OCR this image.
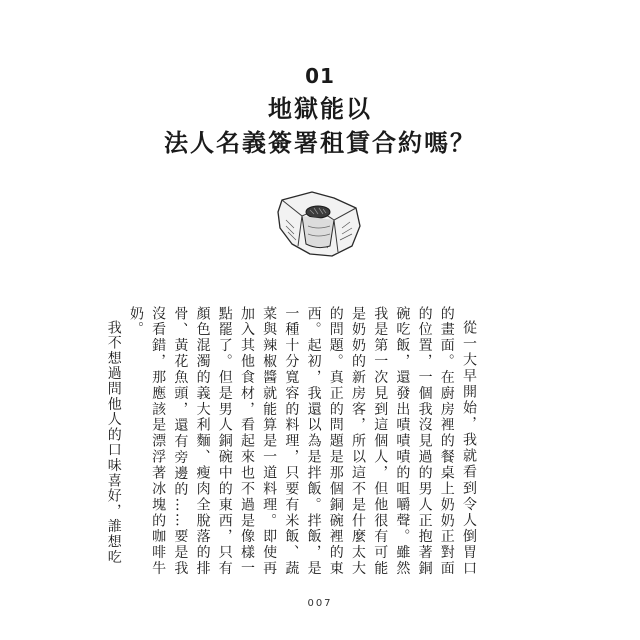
01
地獄能以
法人名義簽署租賃合約嗎？

從一大早開始，我就看到令人倒胃口的畫面。在廚房裡的餐桌上奶奶正對面的位置，一個我沒見過的男人正抱著銅碗吃飯，還發出嘖嘖嘖的咀嚼聲。雖然我是第一次見到這個人，但他很有可能是奶奶的新房客，所以這不是什麼太大的問題。真正的問題是那個銅碗裡的東西。起初，我還以為是拌飯。拌飯，是一種十分寬容的料理，只要有米飯、蔬菜與辣椒醬就能算是一道料理。即使再加入其他食材，看起來也不過是像樣一點罷了。但是男人銅碗中的東西，只有顏色混濁的義大利麵、瘦肉全脫落的排骨、黃花魚頭，還有旁邊的……要是我沒看錯，那應該是漂浮著冰塊的咖啡牛奶。

我不想過問他人的口味喜好，誰想吃

007
